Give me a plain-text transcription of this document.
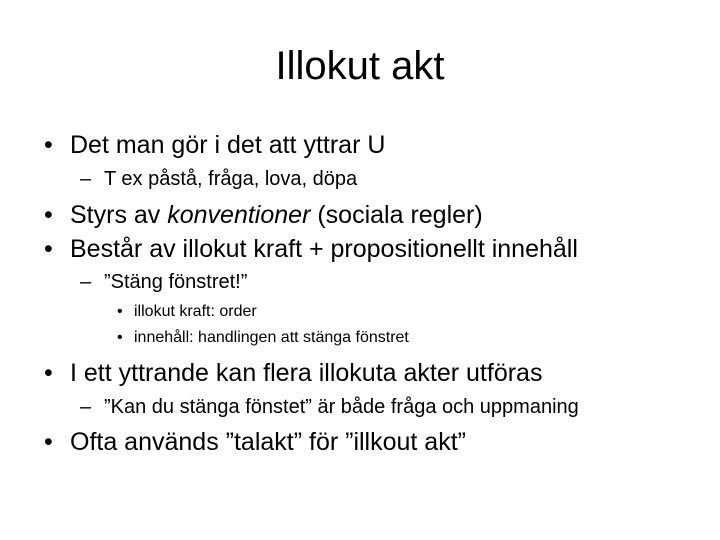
Illokut akt
• Det man gör i det att yttrar U
– T ex påstå, fråga, lova, döpa
• Styrs av konventioner (sociala regler)
• Består av illokut kraft + propositionellt innehåll
– ”Stäng fönstret!”
• illokut kraft: order
• innehåll: handlingen att stänga fönstret
• I ett yttrande kan flera illokuta akter utföras
– ”Kan du stänga fönstet” är både fråga och uppmaning
• Ofta används ”talakt” för ”illkout akt”
